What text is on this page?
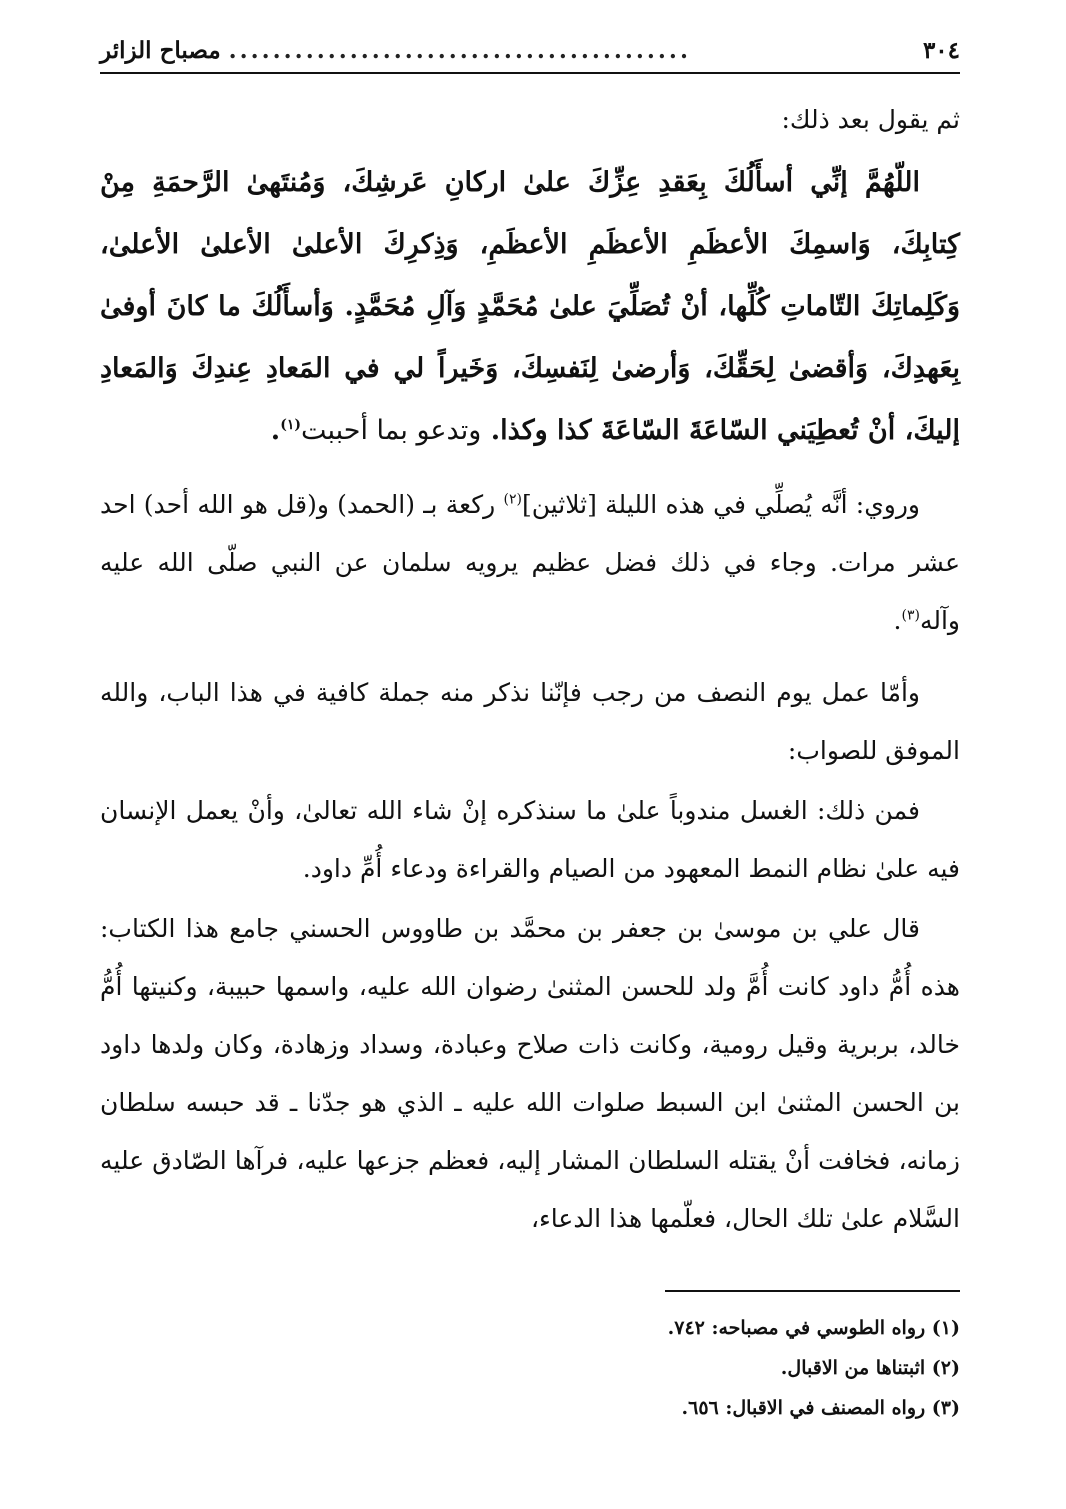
٣٠٤
..........................................
مصباح الزائر

ثم يقول بعد ذلك:

اللّهُمَّ إنِّي أسأَلُكَ بِعَقدِ عِزِّكَ علىٰ اركانِ عَرشِكَ، وَمُنتَهىٰ الرَّحمَةِ مِنْ كِتابِكَ، وَاسمِكَ الأعظَمِ الأعظَمِ الأعظَمِ، وَذِكرِكَ الأعلىٰ الأعلىٰ الأعلىٰ، وَكَلِماتِكَ التّاماتِ كُلِّها، أنْ تُصَلِّيَ علىٰ مُحَمَّدٍ وَآلِ مُحَمَّدٍ. وَأسأَلُكَ ما كانَ أوفىٰ بِعَهدِكَ، وَأقضىٰ لِحَقِّكَ، وَأرضىٰ لِنَفسِكَ، وَخَيراً لي في المَعادِ عِندِكَ وَالمَعادِ إليكَ، أنْ تُعطِيَني السّاعَةَ السّاعَةَ كذا وكذا. وتدعو بما أحببت$^{(١)}$.

وروي: أنَّه يُصلِّي في هذه الليلة [ثلاثين]$^{(٢)}$ ركعة بـ (الحمد) و(قل هو الله أحد) احد عشر مرات. وجاء في ذلك فضل عظيم يرويه سلمان عن النبي صلّى الله عليه وآله$^{(٣)}$.

وأمّا عمل يوم النصف من رجب فإنّنا نذكر منه جملة كافية في هذا الباب، والله الموفق للصواب:

فمن ذلك: الغسل مندوباً علىٰ ما سنذكره إنْ شاء الله تعالىٰ، وأنْ يعمل الإنسان فيه علىٰ نظام النمط المعهود من الصيام والقراءة ودعاء أُمِّ داود.

قال علي بن موسىٰ بن جعفر بن محمَّد بن طاووس الحسني جامع هذا الكتاب: هذه أُمُّ داود كانت أُمَّ ولد للحسن المثنىٰ رضوان الله عليه، واسمها حبيبة، وكنيتها أُمُّ خالد، بربرية وقيل رومية، وكانت ذات صلاح وعبادة، وسداد وزهادة، وكان ولدها داود بن الحسن المثنىٰ ابن السبط صلوات الله عليه ـ الذي هو جدّنا ـ قد حبسه سلطان زمانه، فخافت أنْ يقتله السلطان المشار إليه، فعظم جزعها عليه، فرآها الصّادق عليه السَّلام علىٰ تلك الحال، فعلّمها هذا الدعاء،

(١) رواه الطوسي في مصباحه: ٧٤٢.
(٢) اثبتناها من الاقبال.
(٣) رواه المصنف في الاقبال: ٦٥٦.
